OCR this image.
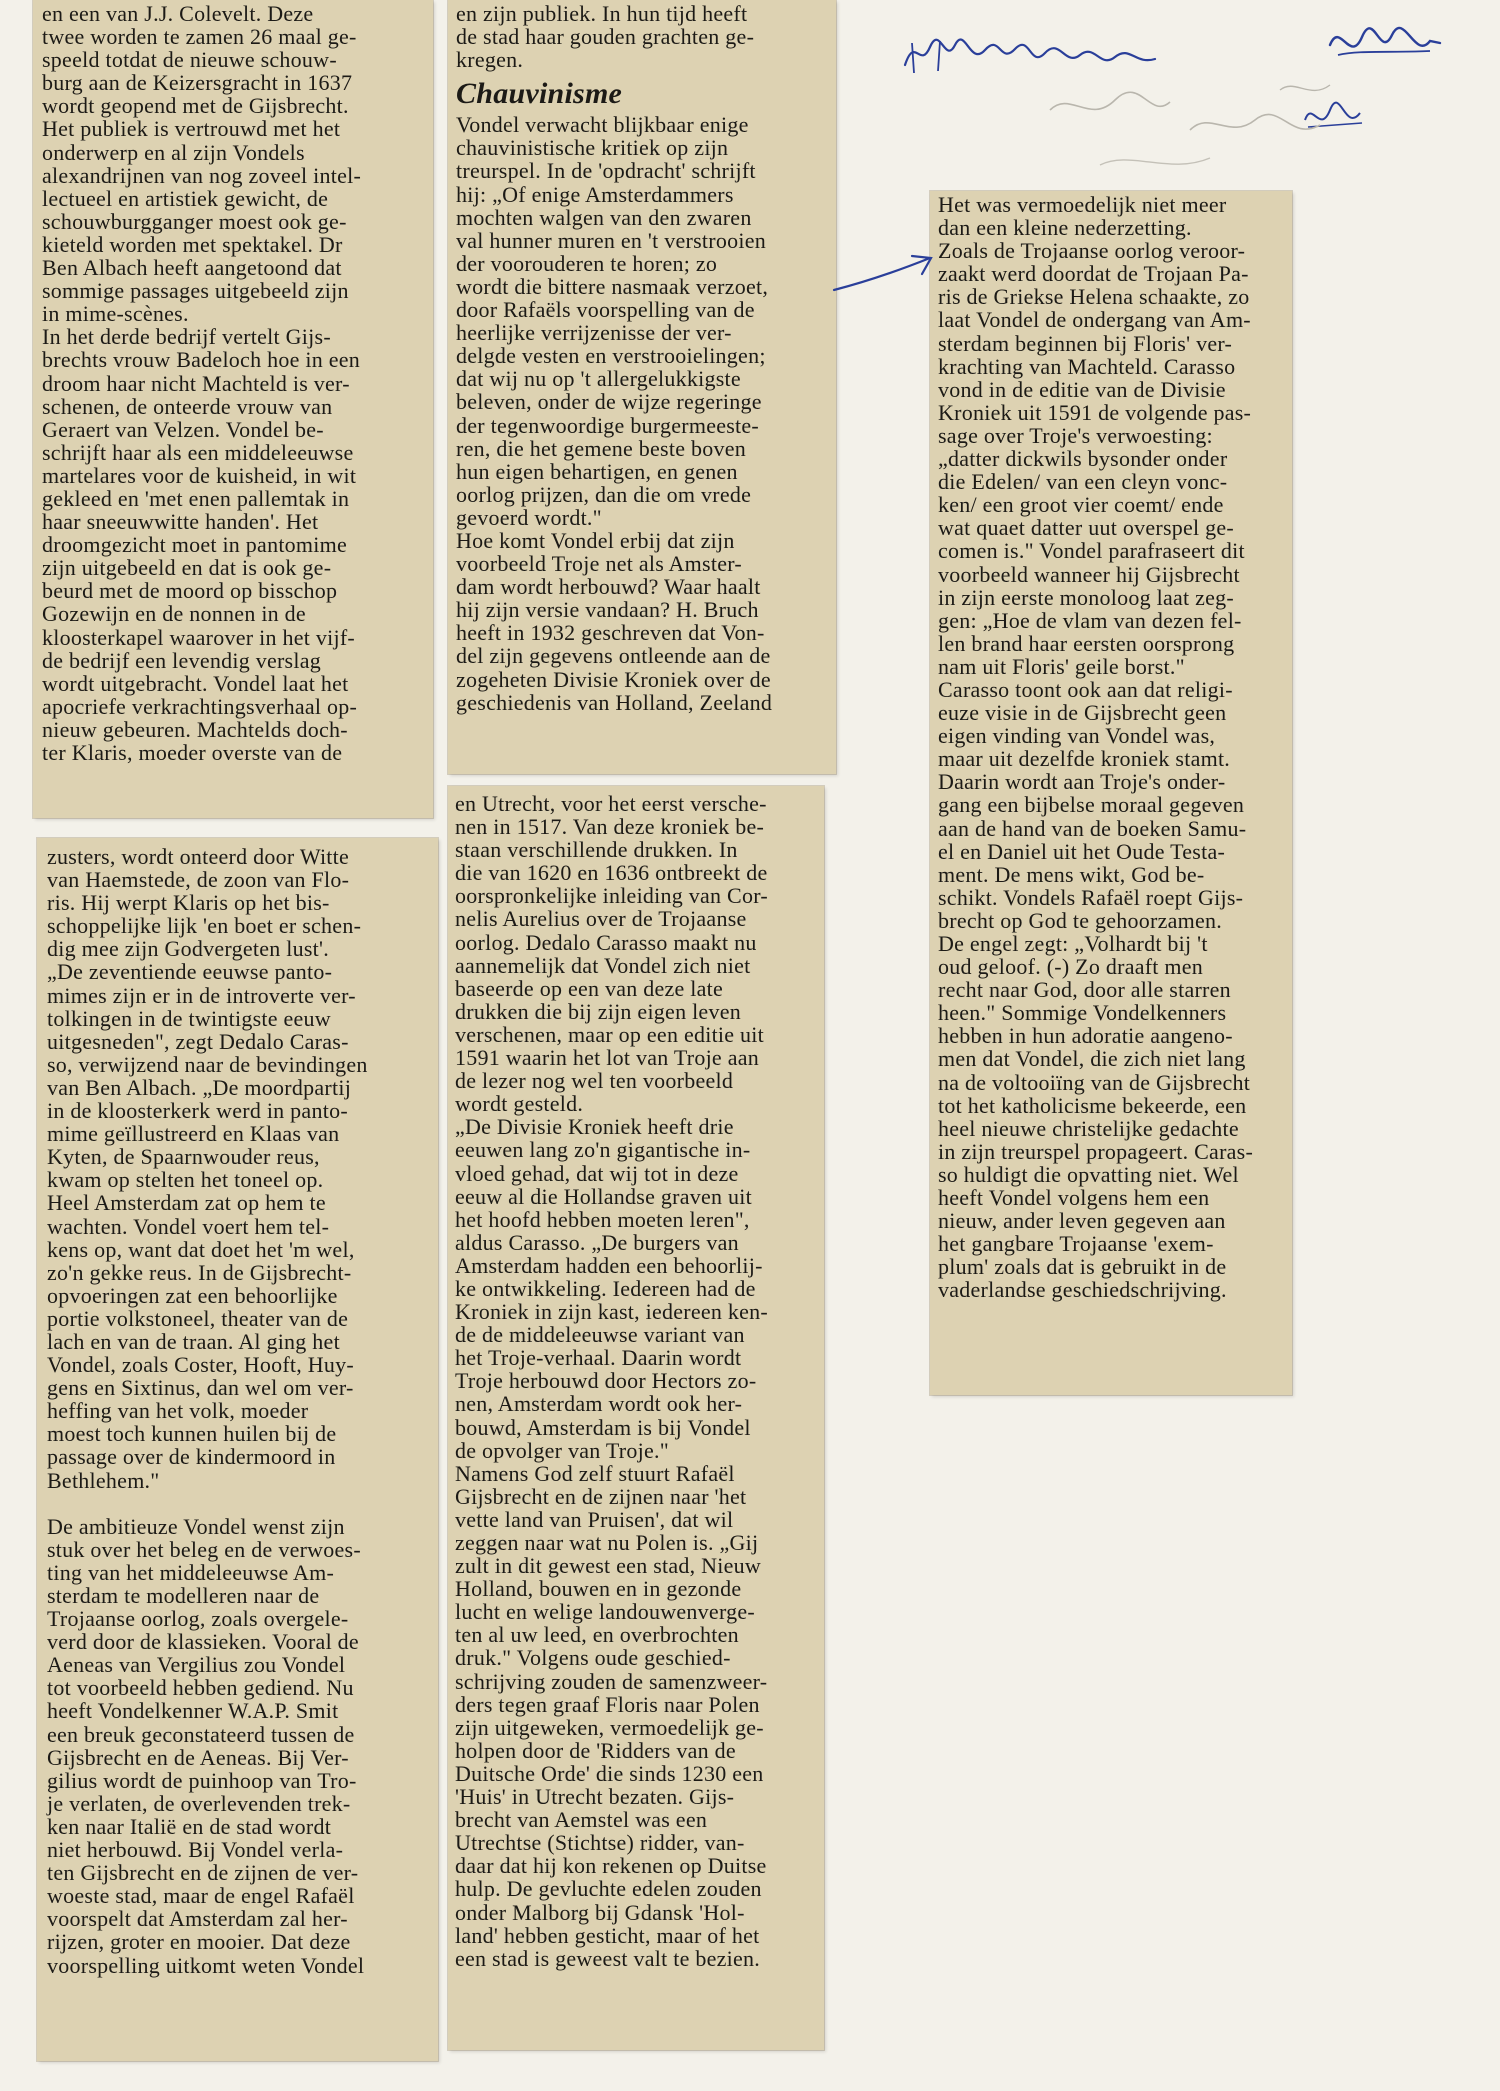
en een van J.J. Colevelt. Deze
twee worden te zamen 26 maal ge-
speeld totdat de nieuwe schouw-
burg aan de Keizersgracht in 1637
wordt geopend met de Gijsbrecht.
Het publiek is vertrouwd met het
onderwerp en al zijn Vondels
alexandrijnen van nog zoveel intel-
lectueel en artistiek gewicht, de
schouwburgganger moest ook ge-
kieteld worden met spektakel. Dr
Ben Albach heeft aangetoond dat
sommige passages uitgebeeld zijn
in mime-scènes.
In het derde bedrijf vertelt Gijs-
brechts vrouw Badeloch hoe in een
droom haar nicht Machteld is ver-
schenen, de onteerde vrouw van
Geraert van Velzen. Vondel be-
schrijft haar als een middeleeuwse
martelares voor de kuisheid, in wit
gekleed en 'met enen pallemtak in
haar sneeuwwitte handen'. Het
droomgezicht moet in pantomime
zijn uitgebeeld en dat is ook ge-
beurd met de moord op bisschop
Gozewijn en de nonnen in de
kloosterkapel waarover in het vijf-
de bedrijf een levendig verslag
wordt uitgebracht. Vondel laat het
apocriefe verkrachtingsverhaal op-
nieuw gebeuren. Machtelds doch-
ter Klaris, moeder overste van de
zusters, wordt onteerd door Witte
van Haemstede, de zoon van Flo-
ris. Hij werpt Klaris op het bis-
schoppelijke lijk 'en boet er schen-
dig mee zijn Godvergeten lust'.
„De zeventiende eeuwse panto-
mimes zijn er in de introverte ver-
tolkingen in de twintigste eeuw
uitgesneden", zegt Dedalo Caras-
so, verwijzend naar de bevindingen
van Ben Albach. „De moordpartij
in de kloosterkerk werd in panto-
mime geïllustreerd en Klaas van
Kyten, de Spaarnwouder reus,
kwam op stelten het toneel op.
Heel Amsterdam zat op hem te
wachten. Vondel voert hem tel-
kens op, want dat doet het 'm wel,
zo'n gekke reus. In de Gijsbrecht-
opvoeringen zat een behoorlijke
portie volkstoneel, theater van de
lach en van de traan. Al ging het
Vondel, zoals Coster, Hooft, Huy-
gens en Sixtinus, dan wel om ver-
heffing van het volk, moeder
moest toch kunnen huilen bij de
passage over de kindermoord in
Bethlehem."

De ambitieuze Vondel wenst zijn
stuk over het beleg en de verwoes-
ting van het middeleeuwse Am-
sterdam te modelleren naar de
Trojaanse oorlog, zoals overgele-
verd door de klassieken. Vooral de
Aeneas van Vergilius zou Vondel
tot voorbeeld hebben gediend. Nu
heeft Vondelkenner W.A.P. Smit
een breuk geconstateerd tussen de
Gijsbrecht en de Aeneas. Bij Ver-
gilius wordt de puinhoop van Tro-
je verlaten, de overlevenden trek-
ken naar Italië en de stad wordt
niet herbouwd. Bij Vondel verla-
ten Gijsbrecht en de zijnen de ver-
woeste stad, maar de engel Rafaël
voorspelt dat Amsterdam zal her-
rijzen, groter en mooier. Dat deze
voorspelling uitkomt weten Vondel
en zijn publiek. In hun tijd heeft
de stad haar gouden grachten ge-
kregen.
Chauvinisme
Vondel verwacht blijkbaar enige
chauvinistische kritiek op zijn
treurspel. In de 'opdracht' schrijft
hij: „Of enige Amsterdammers
mochten walgen van den zwaren
val hunner muren en 't verstrooien
der voorouderen te horen; zo
wordt die bittere nasmaak verzoet,
door Rafaëls voorspelling van de
heerlijke verrijzenisse der ver-
delgde vesten en verstrooielingen;
dat wij nu op 't allergelukkigste
beleven, onder de wijze regeringe
der tegenwoordige burgermeeste-
ren, die het gemene beste boven
hun eigen behartigen, en genen
oorlog prijzen, dan die om vrede
gevoerd wordt."
Hoe komt Vondel erbij dat zijn
voorbeeld Troje net als Amster-
dam wordt herbouwd? Waar haalt
hij zijn versie vandaan? H. Bruch
heeft in 1932 geschreven dat Von-
del zijn gegevens ontleende aan de
zogeheten Divisie Kroniek over de
geschiedenis van Holland, Zeeland
en Utrecht, voor het eerst versche-
nen in 1517. Van deze kroniek be-
staan verschillende drukken. In
die van 1620 en 1636 ontbreekt de
oorspronkelijke inleiding van Cor-
nelis Aurelius over de Trojaanse
oorlog. Dedalo Carasso maakt nu
aannemelijk dat Vondel zich niet
baseerde op een van deze late
drukken die bij zijn eigen leven
verschenen, maar op een editie uit
1591 waarin het lot van Troje aan
de lezer nog wel ten voorbeeld
wordt gesteld.
„De Divisie Kroniek heeft drie
eeuwen lang zo'n gigantische in-
vloed gehad, dat wij tot in deze
eeuw al die Hollandse graven uit
het hoofd hebben moeten leren",
aldus Carasso. „De burgers van
Amsterdam hadden een behoorlij-
ke ontwikkeling. Iedereen had de
Kroniek in zijn kast, iedereen ken-
de de middeleeuwse variant van
het Troje-verhaal. Daarin wordt
Troje herbouwd door Hectors zo-
nen, Amsterdam wordt ook her-
bouwd, Amsterdam is bij Vondel
de opvolger van Troje."
Namens God zelf stuurt Rafaël
Gijsbrecht en de zijnen naar 'het
vette land van Pruisen', dat wil
zeggen naar wat nu Polen is. „Gij
zult in dit gewest een stad, Nieuw
Holland, bouwen en in gezonde
lucht en welige landouwenverge-
ten al uw leed, en overbrochten
druk." Volgens oude geschied-
schrijving zouden de samenzweer-
ders tegen graaf Floris naar Polen
zijn uitgeweken, vermoedelijk ge-
holpen door de 'Ridders van de
Duitsche Orde' die sinds 1230 een
'Huis' in Utrecht bezaten. Gijs-
brecht van Aemstel was een
Utrechtse (Stichtse) ridder, van-
daar dat hij kon rekenen op Duitse
hulp. De gevluchte edelen zouden
onder Malborg bij Gdansk 'Hol-
land' hebben gesticht, maar of het
een stad is geweest valt te bezien.
Het was vermoedelijk niet meer
dan een kleine nederzetting.
Zoals de Trojaanse oorlog veroor-
zaakt werd doordat de Trojaan Pa-
ris de Griekse Helena schaakte, zo
laat Vondel de ondergang van Am-
sterdam beginnen bij Floris' ver-
krachting van Machteld. Carasso
vond in de editie van de Divisie
Kroniek uit 1591 de volgende pas-
sage over Troje's verwoesting:
„datter dickwils bysonder onder
die Edelen/ van een cleyn vonc-
ken/ een groot vier coemt/ ende
wat quaet datter uut overspel ge-
comen is." Vondel parafraseert dit
voorbeeld wanneer hij Gijsbrecht
in zijn eerste monoloog laat zeg-
gen: „Hoe de vlam van dezen fel-
len brand haar eersten oorsprong
nam uit Floris' geile borst."
Carasso toont ook aan dat religi-
euze visie in de Gijsbrecht geen
eigen vinding van Vondel was,
maar uit dezelfde kroniek stamt.
Daarin wordt aan Troje's onder-
gang een bijbelse moraal gegeven
aan de hand van de boeken Samu-
el en Daniel uit het Oude Testa-
ment. De mens wikt, God be-
schikt. Vondels Rafaël roept Gijs-
brecht op God te gehoorzamen.
De engel zegt: „Volhardt bij 't
oud geloof. (-) Zo draaft men
recht naar God, door alle starren
heen." Sommige Vondelkenners
hebben in hun adoratie aangeno-
men dat Vondel, die zich niet lang
na de voltooiïng van de Gijsbrecht
tot het katholicisme bekeerde, een
heel nieuwe christelijke gedachte
in zijn treurspel propageert. Caras-
so huldigt die opvatting niet. Wel
heeft Vondel volgens hem een
nieuw, ander leven gegeven aan
het gangbare Trojaanse 'exem-
plum' zoals dat is gebruikt in de
vaderlandse geschiedschrijving.
